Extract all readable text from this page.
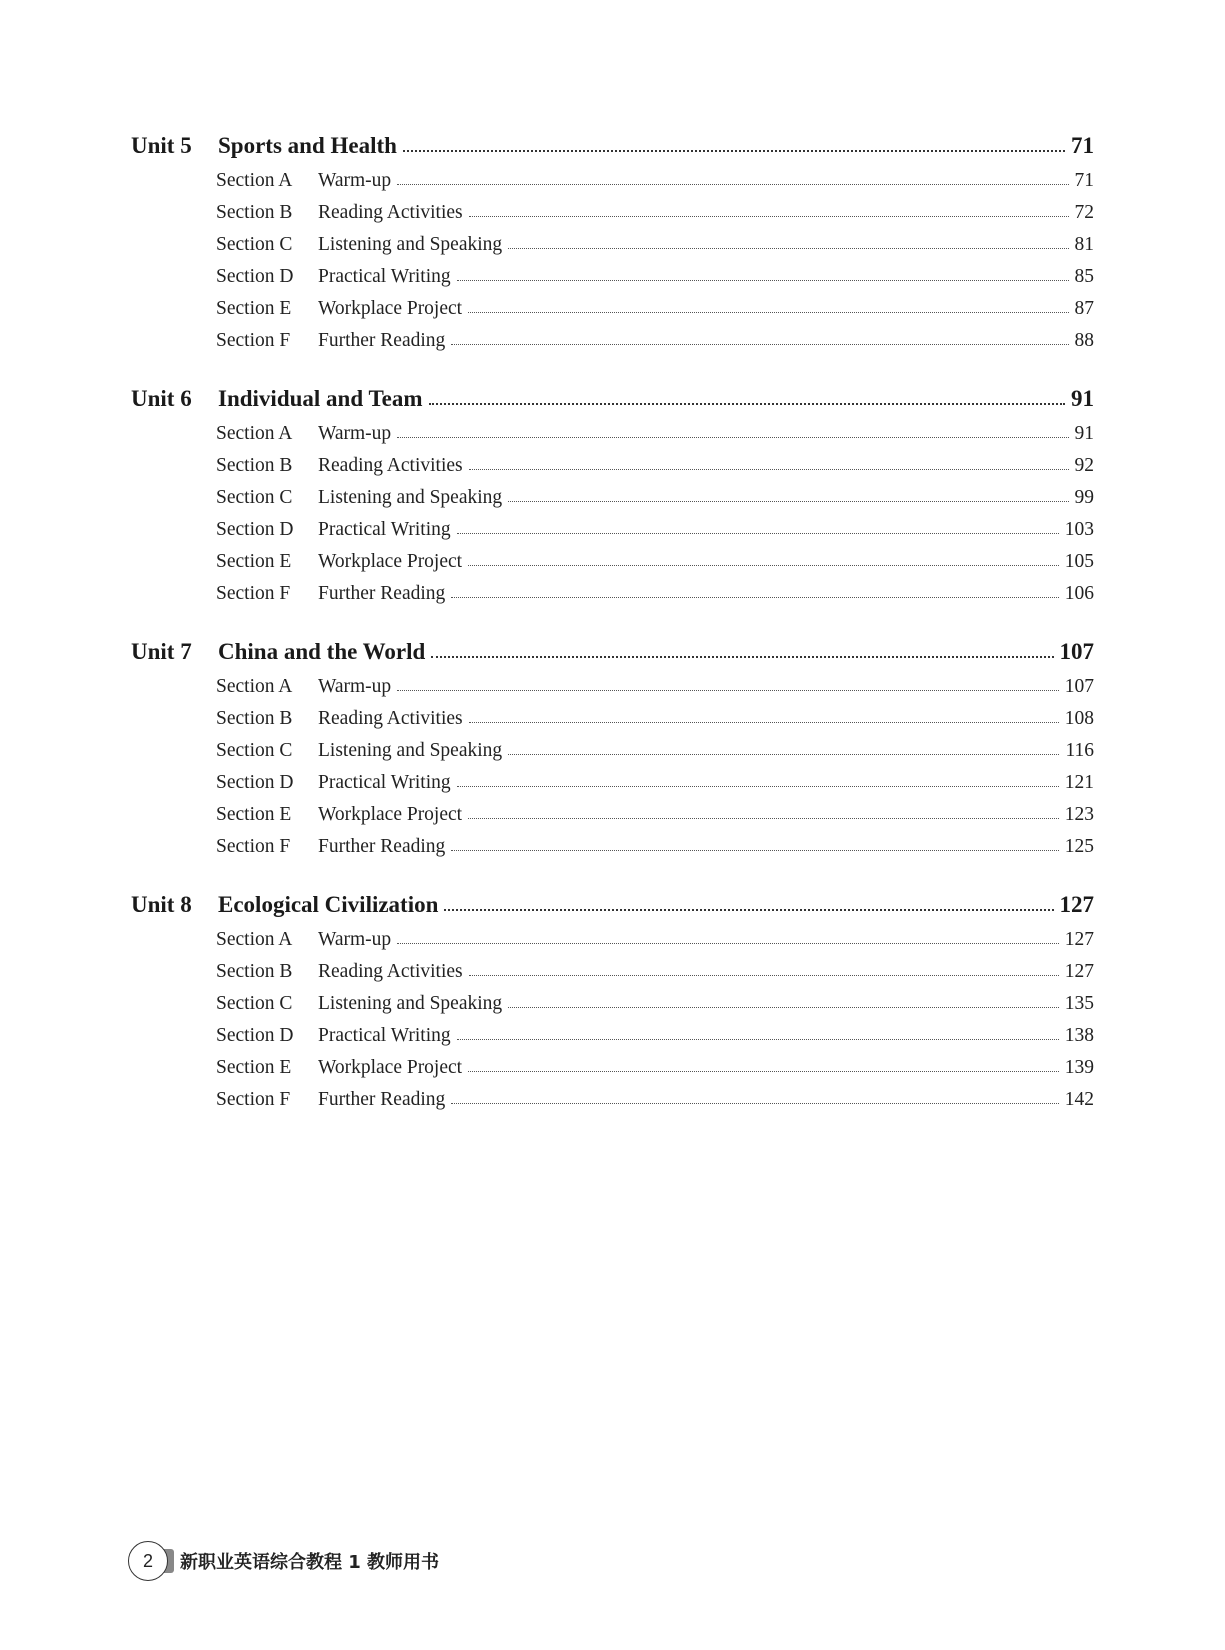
Unit 5	Sports and Health	71
Section A	Warm-up	71
Section B	Reading Activities	72
Section C	Listening and Speaking	81
Section D	Practical Writing	85
Section E	Workplace Project	87
Section F	Further Reading	88
Unit 6	Individual and Team	91
Section A	Warm-up	91
Section B	Reading Activities	92
Section C	Listening and Speaking	99
Section D	Practical Writing	103
Section E	Workplace Project	105
Section F	Further Reading	106
Unit 7	China and the World	107
Section A	Warm-up	107
Section B	Reading Activities	108
Section C	Listening and Speaking	116
Section D	Practical Writing	121
Section E	Workplace Project	123
Section F	Further Reading	125
Unit 8	Ecological Civilization	127
Section A	Warm-up	127
Section B	Reading Activities	127
Section C	Listening and Speaking	135
Section D	Practical Writing	138
Section E	Workplace Project	139
Section F	Further Reading	142
2	新职业英语综合教程 1 教师用书
